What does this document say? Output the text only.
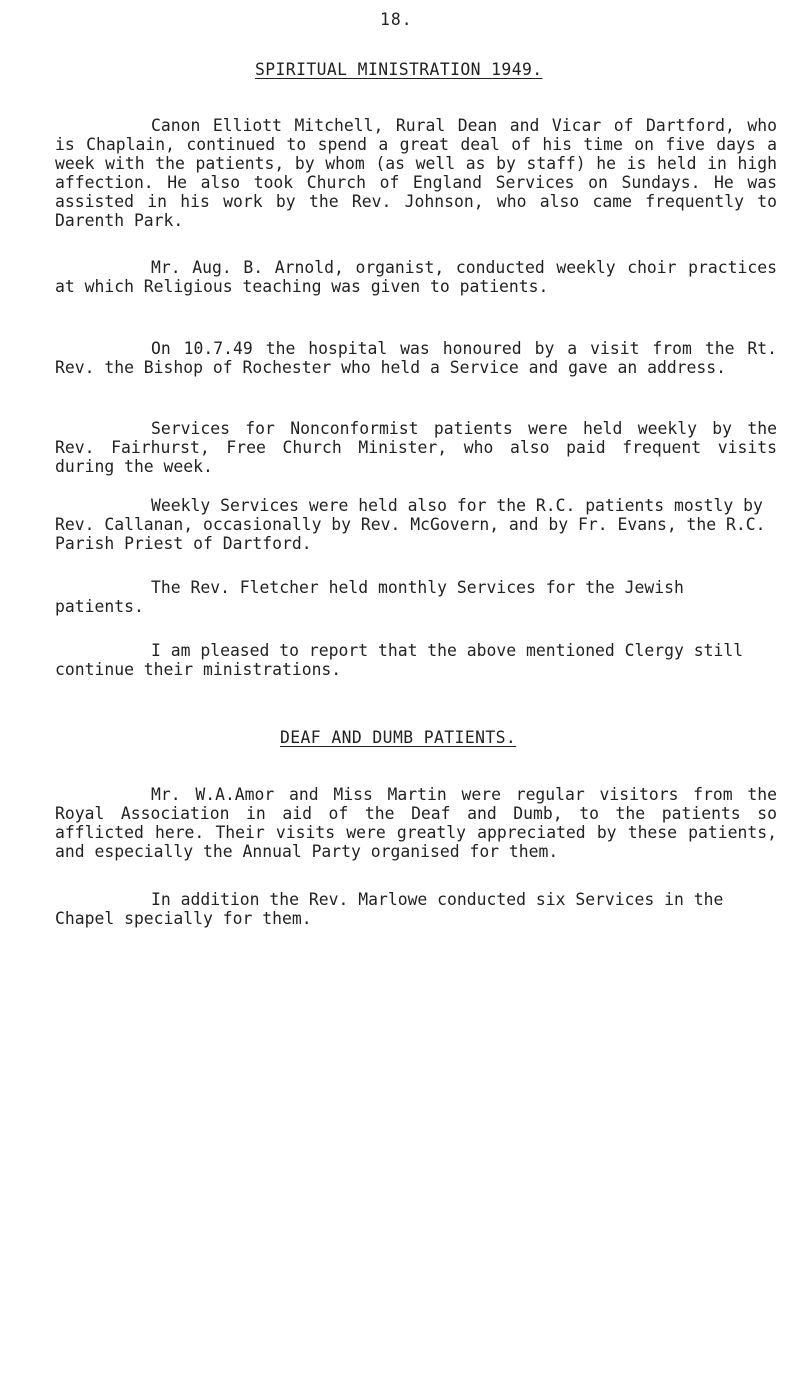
18.
SPIRITUAL MINISTRATION 1949.

Canon Elliott Mitchell, Rural Dean and Vicar of Dartford, who is Chaplain, continued to spend a great deal of his time on five days a week with the patients, by whom (as well as by staff) he is held in high affection. He also took Church of England Services on Sundays. He was assisted in his work by the Rev. Johnson, who also came frequently to Darenth Park.

Mr. Aug. B. Arnold, organist, conducted weekly choir practices at which Religious teaching was given to patients.

On 10.7.49 the hospital was honoured by a visit from the Rt. Rev. the Bishop of Rochester who held a Service and gave an address.

Services for Nonconformist patients were held weekly by the Rev. Fairhurst, Free Church Minister, who also paid frequent visits during the week.

Weekly Services were held also for the R.C. patients mostly by Rev. Callanan, occasionally by Rev. McGovern, and by Fr. Evans, the R.C. Parish Priest of Dartford.

The Rev. Fletcher held monthly Services for the Jewish patients.

I am pleased to report that the above mentioned Clergy still continue their ministrations.

DEAF AND DUMB PATIENTS.

Mr. W.A.Amor and Miss Martin were regular visitors from the Royal Association in aid of the Deaf and Dumb, to the patients so afflicted here. Their visits were greatly appreciated by these patients, and especially the Annual Party organised for them.

In addition the Rev. Marlowe conducted six Services in the Chapel specially for them.
